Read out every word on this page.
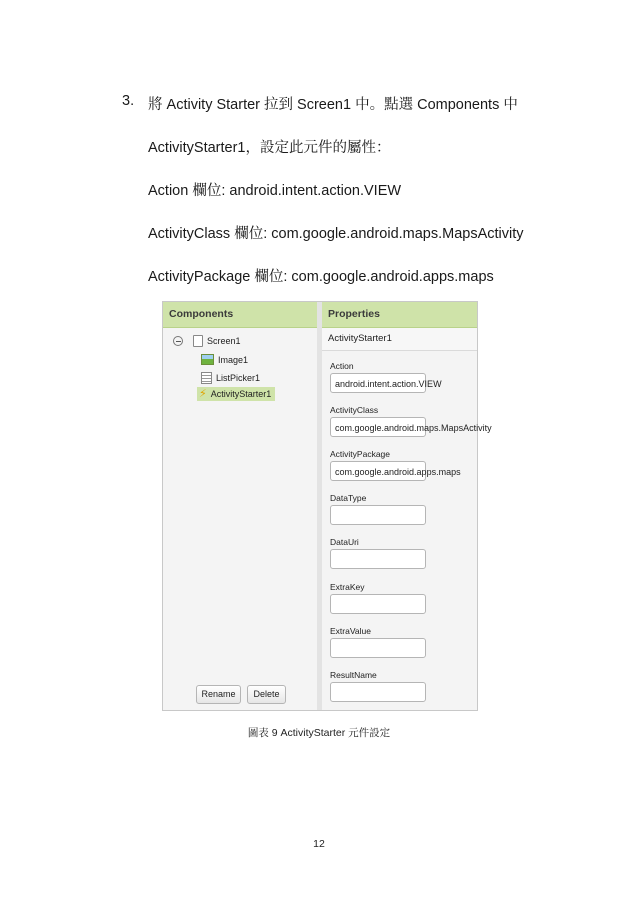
3. 將 Activity Starter 拉到 Screen1 中。點選 Components 中
ActivityStarter1，設定此元件的屬性：
Action 欄位: android.intent.action.VIEW
ActivityClass 欄位: com.google.android.maps.MapsActivity
ActivityPackage 欄位: com.google.android.apps.maps
Components
Screen1
Image1
ListPicker1
⚡ ActivityStarter1
Rename	Delete
Properties
ActivityStarter1
Action
android.intent.action.VIEW
ActivityClass
com.google.android.maps.MapsActivity
ActivityPackage
com.google.android.apps.maps
DataType
DataUri
ExtraKey
ExtraValue
ResultName
圖表 9 ActivityStarter 元件設定
12
